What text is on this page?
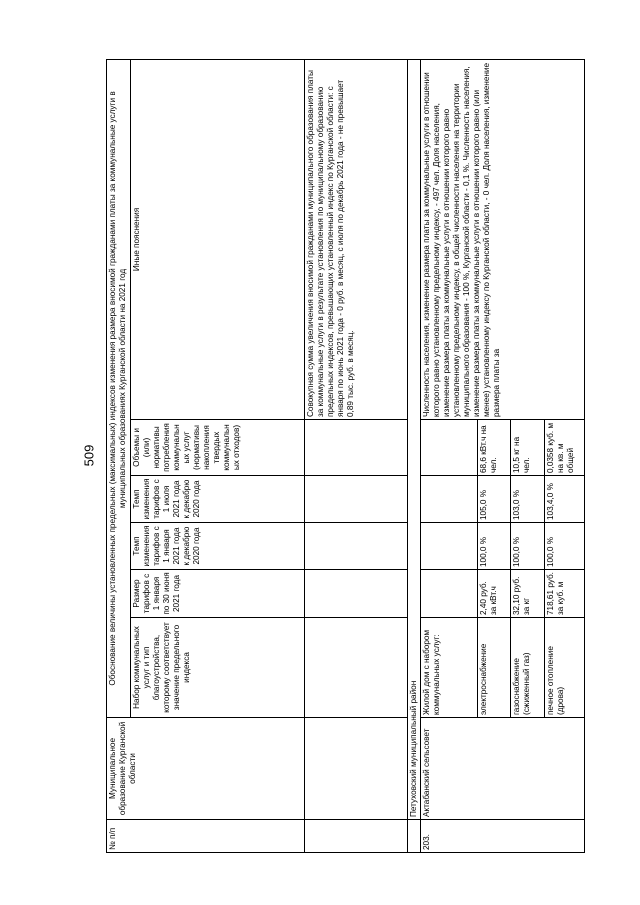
509
№ п/п	Муниципальное образование Курганской области	Обоснование величины установленных предельных (максимальных) индексов изменения размера вносимой гражданами платы за коммунальные услуги в муниципальных образованиях Курганской области на 2021 год					
		Набор коммунальных услуг и тип благоустройства, которому соответствует значение предельного индекса	Размер тарифов с 1 января по 30 июня 2021 года	Темп изменения тарифов с 1 января 2021 года к декабрю 2020 года	Темп изменения тарифов с 1 июля 2021 года к декабрю 2020 года	Объемы и (или) нормативы потребления коммунальных услуг (нормативы накопления твердых коммунальных отходов)	Иные пояснения
							Совокупная сумма увеличения вносимой гражданами муниципального образования платы за коммунальные услуги в результате установления по муниципальному образованию предельных индексов, превышающих установленный индекс по Курганской области: с января по июнь 2021 года - 0 руб. в месяц, с июля по декабрь 2021 года - не превышает 0,89 тыс. руб. в месяц.
	Петуховский муниципальный район						
203.	Актабанский сельсовет	Жилой дом с набором коммунальных услуг:					Численность населения, изменение размера платы за коммунальные услуги в отношении которого равно установленному предельному индексу, - 497 чел. Доля населения, изменение размера платы за коммунальные услуги в отношении которого равно установленному предельному индексу, в общей численности населения на территории муниципального образования - 100 %, Курганской области - 0,1 %. Численность населения, изменение размера платы за коммунальные услуги в отношении которого равно (или менее) установленному индексу по Курганской области, - 0 чел. Доля населения, изменение размера платы за
		электроснабжение	2,40 руб. за кВт.ч	100,0 %	105,0 %	68,6 кВт.ч на чел.	
		газоснабжение (сжиженный газ)	32,10 руб. за кг	100,0 %	103,0 %	10,5 кг на чел.	
		печное отопление (дрова)	718,61 руб. за куб. м	100,0 %	103,4,0 %	0,0358 куб. м на кв. м общей	
